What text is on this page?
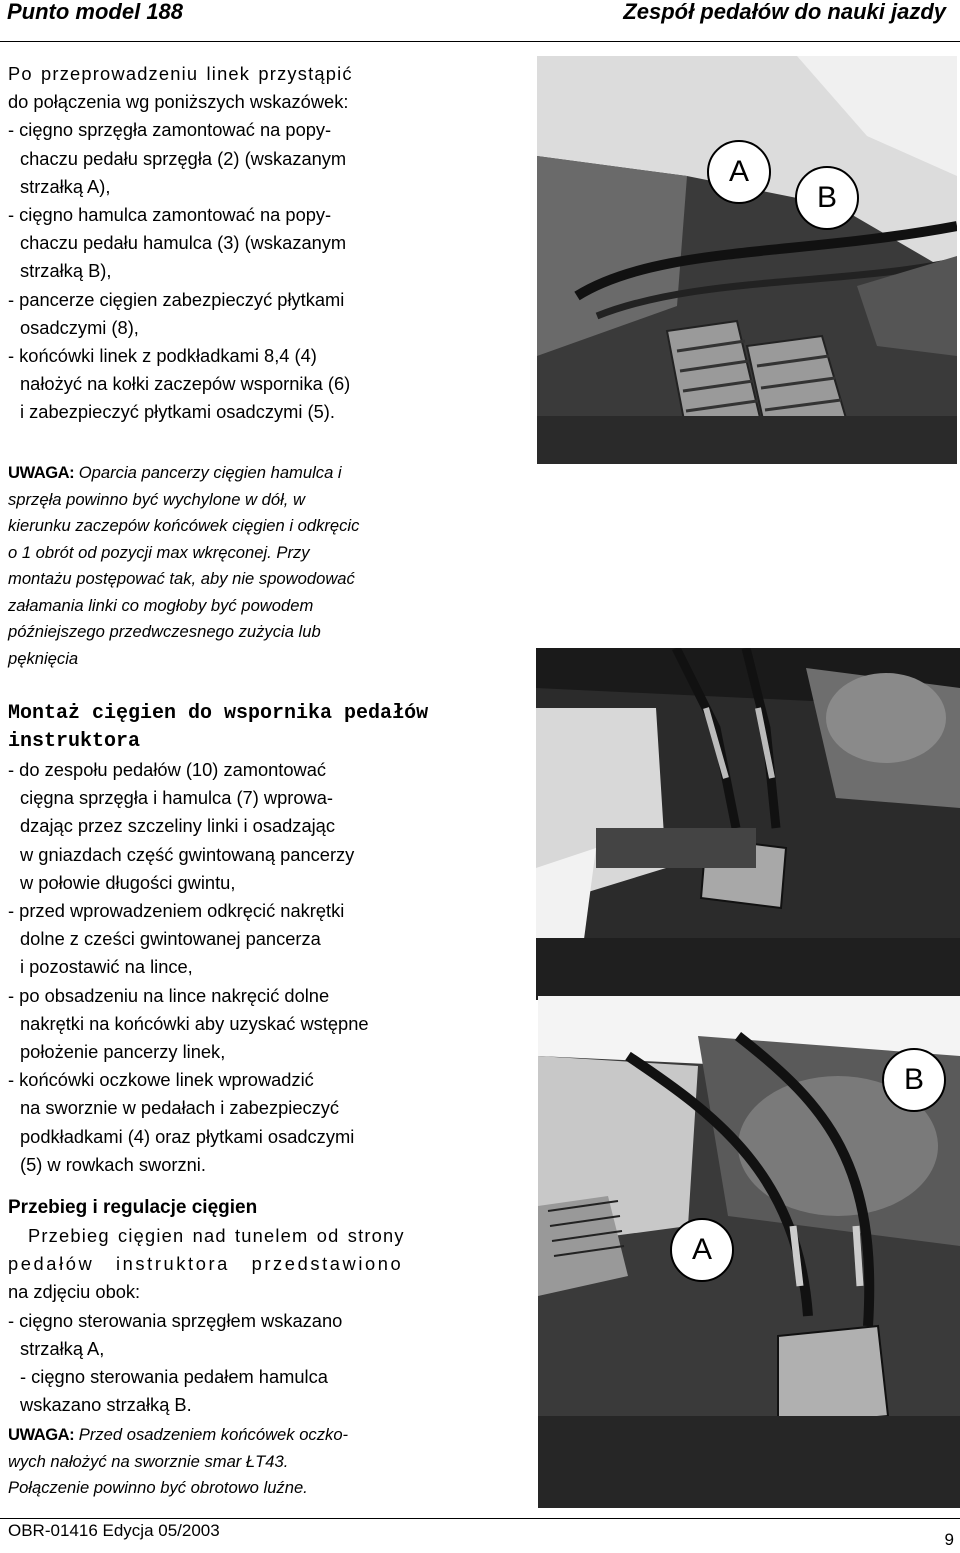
Punto model 188	Zespół pedałów do nauki jazdy

Po przeprowadzeniu linek przystąpić

do połączenia wg poniższych wskazówek:

- cięgno sprzęgła zamontować na popy-

chaczu pedału sprzęgła (2) (wskazanym

strzałką A),

- cięgno hamulca zamontować na popy-

chaczu pedału hamulca (3) (wskazanym

strzałką B),

- pancerze cięgien zabezpieczyć płytkami

osadczymi (8),

- końcówki linek z podkładkami 8,4 (4)

nałożyć na kołki zaczepów wspornika (6)

i zabezpieczyć płytkami osadczymi (5).

UWAGA: Oparcia pancerzy cięgien hamulca i

sprzęła powinno być wychylone w dół, w

kierunku zaczepów końcówek cięgien i odkręcic

o 1 obrót od pozycji max wkręconej. Przy

montażu postępować tak, aby nie spowodować

załamania linki co mogłoby być powodem

późniejszego przedwczesnego zużycia lub

pęknięcia

Montaż cięgien do wspornika pedałów

instruktora

- do zespołu pedałów (10) zamontować

cięgna sprzęgła i hamulca (7) wprowa-

dzając przez szczeliny linki i osadzając

w gniazdach część gwintowaną pancerzy

w połowie długości gwintu,

- przed wprowadzeniem odkręcić nakrętki

dolne z cześci gwintowanej pancerza

i pozostawić na lince,

- po obsadzeniu na lince nakręcić dolne

nakrętki na końcówki aby uzyskać wstępne

położenie pancerzy linek,

- końcówki oczkowe linek wprowadzić

na sworznie w pedałach i zabezpieczyć

podkładkami (4) oraz płytkami osadczymi

(5) w rowkach sworzni.

Przebieg i regulacje cięgien

Przebieg cięgien nad tunelem od strony

pedałów instruktora przedstawiono

na zdjęciu obok:

- cięgno sterowania sprzęgłem wskazano

strzałką A,

- cięgno sterowania pedałem hamulca

wskazano strzałką B.

UWAGA: Przed osadzeniem końcówek oczko-

wych nałożyć na sworznie smar ŁT43.

Połączenie powinno być obrotowo luźne.

A
B
B
A
OBR-01416 Edycja 05/2003	9
